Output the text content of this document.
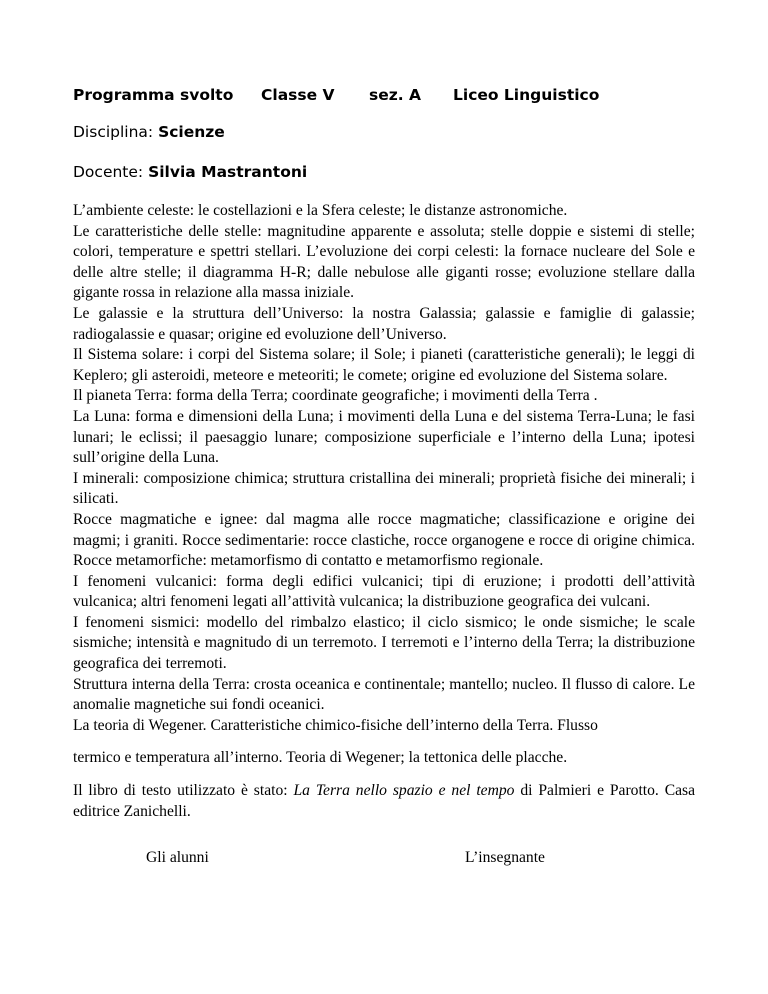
Programma svolto Classe V sez. A Liceo Linguistico
Disciplina: Scienze
Docente: Silvia Mastrantoni

L’ambiente celeste: le costellazioni e la Sfera celeste; le distanze astronomiche.

Le caratteristiche delle stelle: magnitudine apparente e assoluta; stelle doppie e sistemi di stelle; colori, temperature e spettri stellari. L’evoluzione dei corpi celesti: la fornace nucleare del Sole e delle altre stelle; il diagramma H-R; dalle nebulose alle giganti rosse; evoluzione stellare dalla gigante rossa in relazione alla massa iniziale.

Le galassie e la struttura dell’Universo: la nostra Galassia; galassie e famiglie di galassie; radiogalassie e quasar; origine ed evoluzione dell’Universo.

Il Sistema solare: i corpi del Sistema solare; il Sole; i pianeti (caratteristiche generali); le leggi di Keplero; gli asteroidi, meteore e meteoriti; le comete; origine ed evoluzione del Sistema solare.

Il pianeta Terra: forma della Terra; coordinate geografiche; i movimenti della Terra .

La Luna: forma e dimensioni della Luna; i movimenti della Luna e del sistema Terra-Luna; le fasi lunari; le eclissi; il paesaggio lunare; composizione superficiale e l’interno della Luna; ipotesi sull’origine della Luna.

I minerali: composizione chimica; struttura cristallina dei minerali; proprietà fisiche dei minerali; i silicati.

Rocce magmatiche e ignee: dal magma alle rocce magmatiche; classificazione e origine dei magmi; i graniti. Rocce sedimentarie: rocce clastiche, rocce organogene e rocce di origine chimica. Rocce metamorfiche: metamorfismo di contatto e metamorfismo regionale.

I fenomeni vulcanici: forma degli edifici vulcanici; tipi di eruzione; i prodotti dell’attività vulcanica; altri fenomeni legati all’attività vulcanica; la distribuzione geografica dei vulcani.

I fenomeni sismici: modello del rimbalzo elastico; il ciclo sismico; le onde sismiche; le scale sismiche; intensità e magnitudo di un terremoto. I terremoti e l’interno della Terra; la distribuzione geografica dei terremoti.

Struttura interna della Terra: crosta oceanica e continentale; mantello; nucleo. Il flusso di calore. Le anomalie magnetiche sui fondi oceanici.

La teoria di Wegener. Caratteristiche chimico-fisiche dell’interno della Terra. Flusso

termico e temperatura all’interno. Teoria di Wegener; la tettonica delle placche.

Il libro di testo utilizzato è stato: La Terra nello spazio e nel tempo di Palmieri e Parotto. Casa editrice Zanichelli.

Gli alunni	L’insegnante
